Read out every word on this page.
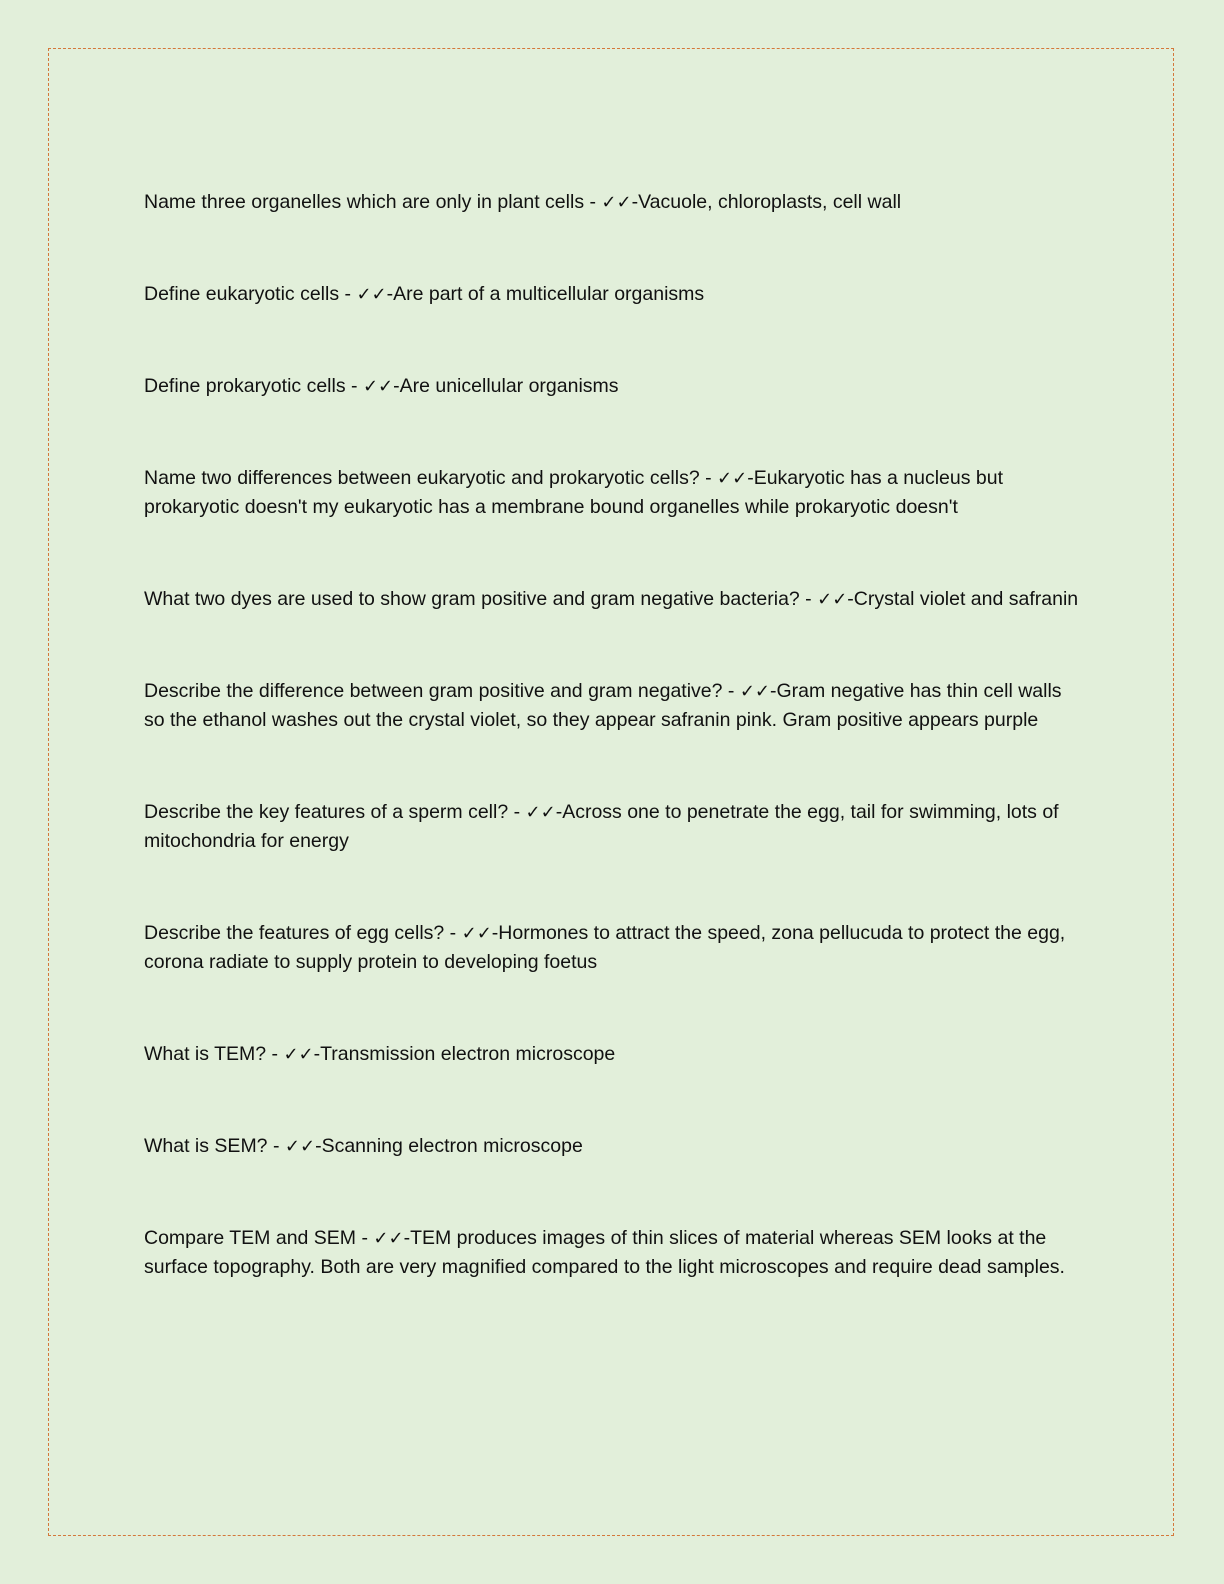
Name three organelles which are only in plant cells - ✓✓-Vacuole, chloroplasts, cell wall
Define eukaryotic cells - ✓✓-Are part of a multicellular organisms
Define prokaryotic cells - ✓✓-Are unicellular organisms
Name two differences between eukaryotic and prokaryotic cells? - ✓✓-Eukaryotic has a nucleus but prokaryotic doesn't my eukaryotic has a membrane bound organelles while prokaryotic doesn't
What two dyes are used to show gram positive and gram negative bacteria? - ✓✓-Crystal violet and safranin
Describe the difference between gram positive and gram negative? - ✓✓-Gram negative has thin cell walls so the ethanol washes out the crystal violet, so they appear safranin pink. Gram positive appears purple
Describe the key features of a sperm cell? - ✓✓-Across one to penetrate the egg, tail for swimming, lots of mitochondria for energy
Describe the features of egg cells? - ✓✓-Hormones to attract the speed, zona pellucuda to protect the egg, corona radiate to supply protein to developing foetus
What is TEM? - ✓✓-Transmission electron microscope
What is SEM? - ✓✓-Scanning electron microscope
Compare TEM and SEM - ✓✓-TEM produces images of thin slices of material whereas SEM looks at the surface topography. Both are very magnified compared to the light microscopes and require dead samples.
